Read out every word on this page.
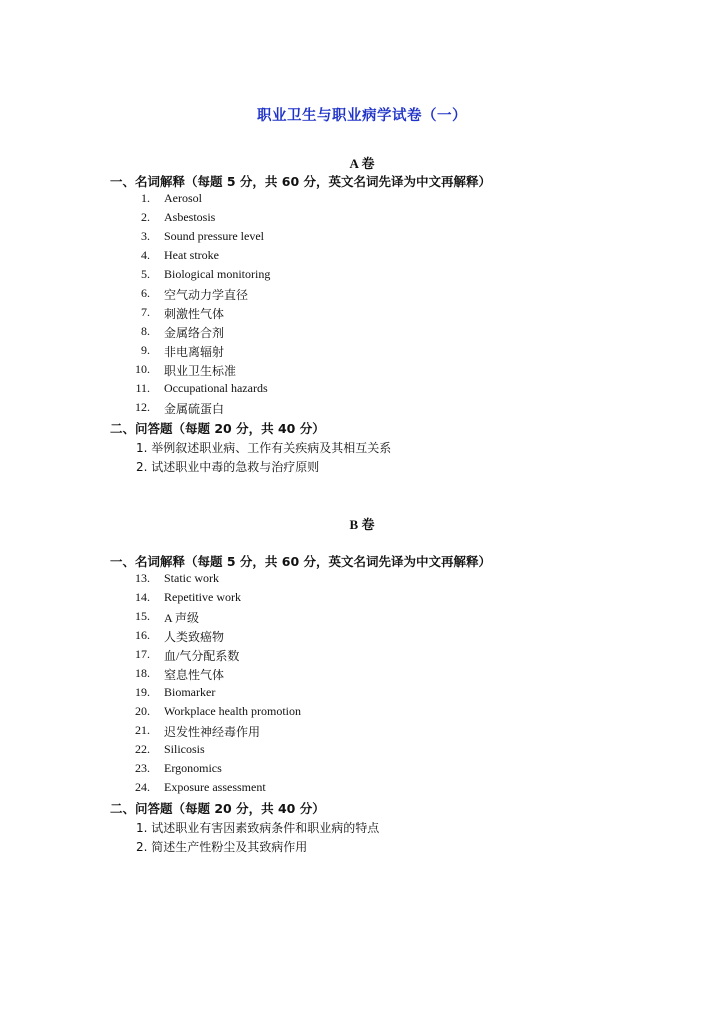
职业卫生与职业病学试卷（一）
A 卷
一、名词解释（每题 5 分，共 60 分，英文名词先译为中文再解释）
1. Aerosol
2. Asbestosis
3. Sound pressure level
4. Heat stroke
5. Biological monitoring
6. 空气动力学直径
7. 刺激性气体
8. 金属络合剂
9. 非电离辐射
10. 职业卫生标准
11. Occupational hazards
12. 金属硫蛋白
二、问答题（每题 20 分，共 40 分）
1. 举例叙述职业病、工作有关疾病及其相互关系
2. 试述职业中毒的急救与治疗原则
B 卷
一、名词解释（每题 5 分，共 60 分，英文名词先译为中文再解释）
13. Static work
14. Repetitive work
15. A 声级
16. 人类致癌物
17. 血/气分配系数
18. 窒息性气体
19. Biomarker
20. Workplace health promotion
21. 迟发性神经毒作用
22. Silicosis
23. Ergonomics
24. Exposure assessment
二、问答题（每题 20 分，共 40 分）
1. 试述职业有害因素致病条件和职业病的特点
2. 简述生产性粉尘及其致病作用
